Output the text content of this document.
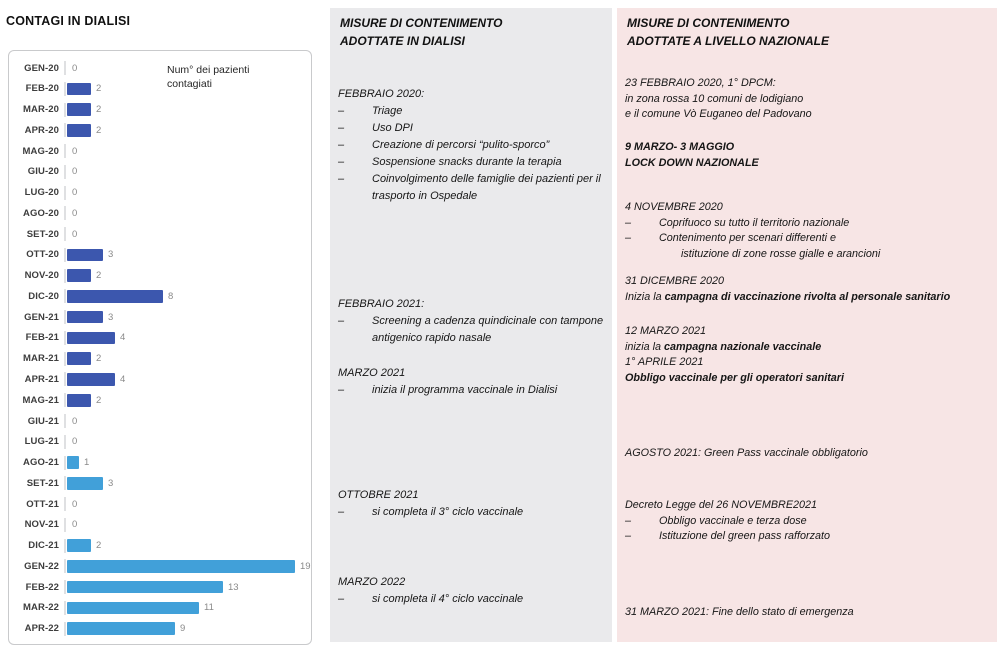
CONTAGI IN DIALISI
Num° dei pazienti contagiati
GEN-20	0
FEB-20	2
MAR-20	2
APR-20	2
MAG-20	0
GIU-20	0
LUG-20	0
AGO-20	0
SET-20	0
OTT-20	3
NOV-20	2
DIC-20	8
GEN-21	3
FEB-21	4
MAR-21	2
APR-21	4
MAG-21	2
GIU-21	0
LUG-21	0
AGO-21	1
SET-21	3
OTT-21	0
NOV-21	0
DIC-21	2
GEN-22	19
FEB-22	13
MAR-22	11
APR-22	9
MISURE DI CONTENIMENTO
ADOTTATE IN DIALISI
FEBBRAIO 2020:
–	Triage
–	Uso DPI
–	Creazione di percorsi “pulito-sporco”
–	Sospensione snacks durante la terapia
–	Coinvolgimento delle famiglie dei pazienti per il trasporto in Ospedale
FEBBRAIO 2021:
–	Screening a cadenza quindicinale con tampone antigenico rapido nasale
MARZO 2021
–	inizia il programma vaccinale in Dialisi
OTTOBRE 2021
–	si completa il 3° ciclo vaccinale
MARZO 2022
–	si completa il 4° ciclo vaccinale
MISURE DI CONTENIMENTO
ADOTTATE A LIVELLO NAZIONALE
23 FEBBRAIO 2020, 1° DPCM:
in zona rossa 10 comuni de lodigiano
e il comune Vò Euganeo del Padovano
9 MARZO- 3 MAGGIO
LOCK DOWN NAZIONALE
4 NOVEMBRE 2020
–	Coprifuoco su tutto il territorio nazionale
–	Contenimento per scenari differenti e
istituzione di zone rosse gialle e arancioni
31 DICEMBRE 2020
Inizia la campagna di vaccinazione rivolta al personale sanitario
12 MARZO 2021
inizia la campagna nazionale vaccinale
1° APRILE 2021
Obbligo vaccinale per gli operatori sanitari
AGOSTO 2021: Green Pass vaccinale obbligatorio
Decreto Legge del 26 NOVEMBRE2021
–	Obbligo vaccinale e terza dose
–	Istituzione del green pass rafforzato
31 MARZO 2021: Fine dello stato di emergenza
